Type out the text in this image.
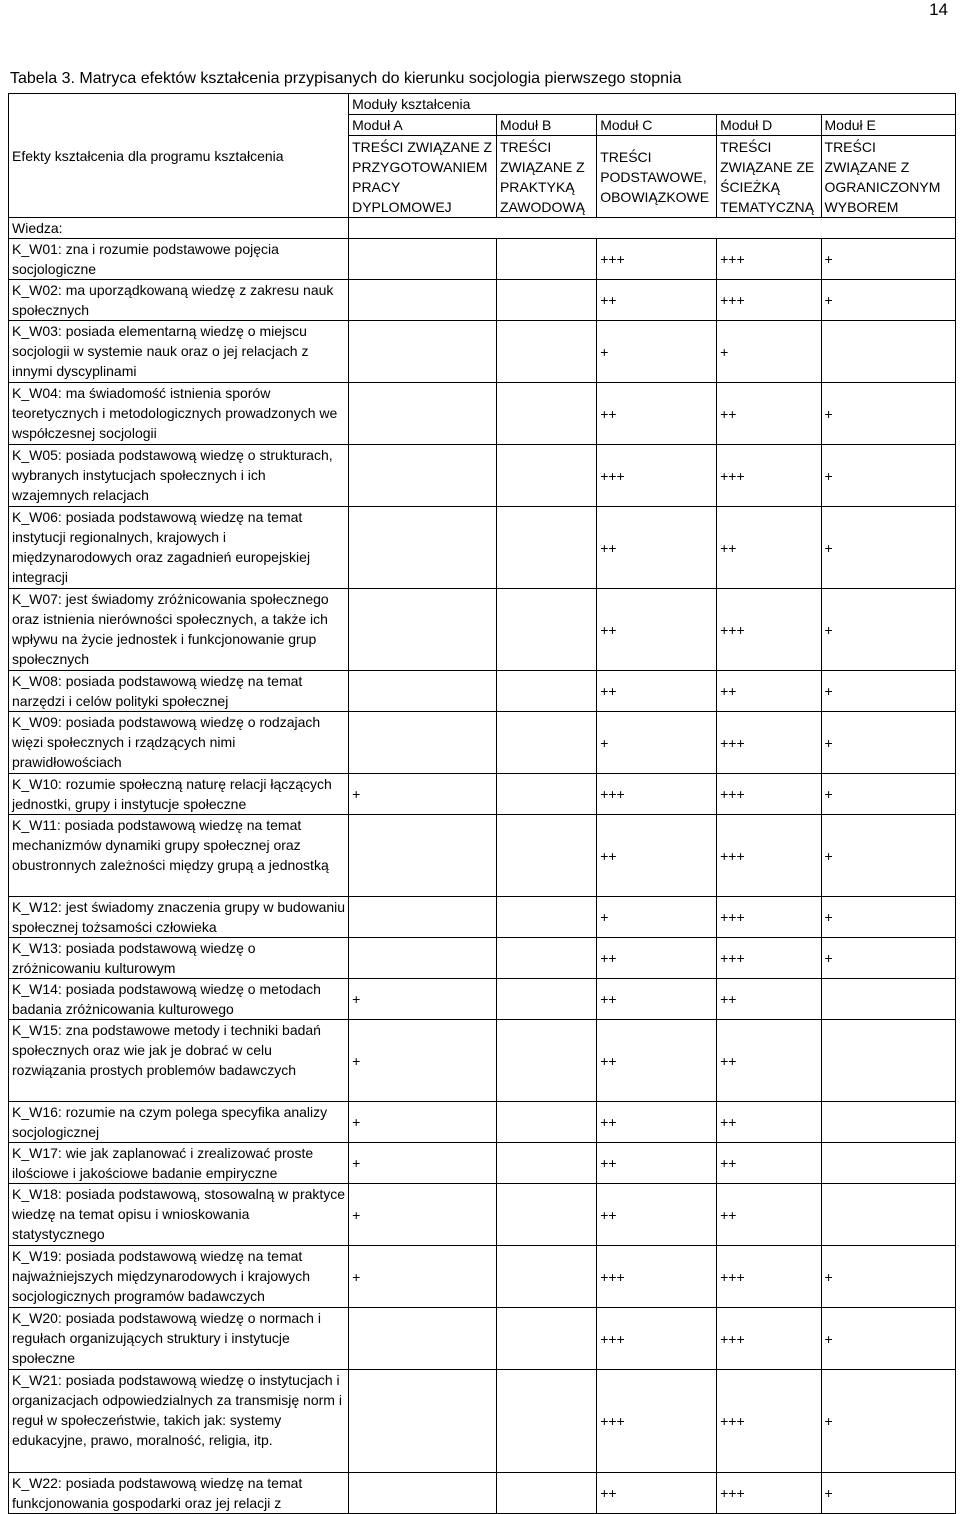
14
Tabela 3. Matryca efektów kształcenia przypisanych do kierunku socjologia pierwszego stopnia
Efekty kształcenia dla programu kształcenia	Moduły kształcenia				
	Moduł A	Moduł B	Moduł C	Moduł D	Moduł E
	TREŚCI ZWIĄZANE Z PRZYGOTOWANIEM PRACY DYPLOMOWEJ	TREŚCI ZWIĄZANE Z PRAKTYKĄ ZAWODOWĄ	TREŚCI PODSTAWOWE, OBOWIĄZKOWE	TREŚCI ZWIĄZANE ZE ŚCIEŻKĄ TEMATYCZNĄ	TREŚCI ZWIĄZANE Z OGRANICZONYM WYBOREM
Wiedza:					
K_W01: zna i rozumie podstawowe pojęcia socjologiczne			+++	+++	+
K_W02: ma uporządkowaną wiedzę z zakresu nauk społecznych			++	+++	+
K_W03: posiada elementarną wiedzę o miejscu socjologii w systemie nauk oraz o jej relacjach z innymi dyscyplinami			+	+	
K_W04: ma świadomość istnienia sporów teoretycznych i metodologicznych prowadzonych we współczesnej socjologii			++	++	+
K_W05: posiada podstawową wiedzę o strukturach, wybranych instytucjach społecznych i ich wzajemnych relacjach			+++	+++	+
K_W06: posiada podstawową wiedzę na temat instytucji regionalnych, krajowych i międzynarodowych oraz zagadnień europejskiej integracji			++	++	+
K_W07: jest świadomy zróżnicowania społecznego oraz istnienia nierówności społecznych, a także ich wpływu na życie jednostek i funkcjonowanie grup społecznych			++	+++	+
K_W08: posiada podstawową wiedzę na temat narzędzi i celów polityki społecznej			++	++	+
K_W09: posiada podstawową wiedzę o rodzajach więzi społecznych i rządzących nimi prawidłowościach			+	+++	+
K_W10: rozumie społeczną naturę relacji łączących jednostki, grupy i instytucje społeczne	+		+++	+++	+
K_W11: posiada podstawową wiedzę na temat mechanizmów dynamiki grupy społecznej oraz obustronnych zależności między grupą a jednostką			++	+++	+
K_W12: jest świadomy znaczenia grupy w budowaniu społecznej tożsamości człowieka			+	+++	+
K_W13: posiada podstawową wiedzę o zróżnicowaniu kulturowym			++	+++	+
K_W14: posiada podstawową wiedzę o metodach badania zróżnicowania kulturowego	+		++	++	
K_W15: zna podstawowe metody i techniki badań społecznych oraz wie jak je dobrać w celu rozwiązania prostych problemów badawczych	+		++	++	
K_W16: rozumie na czym polega specyfika analizy socjologicznej	+		++	++	
K_W17: wie jak zaplanować i zrealizować proste ilościowe i jakościowe badanie empiryczne	+		++	++	
K_W18: posiada podstawową, stosowalną w praktyce wiedzę na temat opisu i wnioskowania statystycznego	+		++	++	
K_W19: posiada podstawową wiedzę na temat najważniejszych międzynarodowych i krajowych socjologicznych programów badawczych	+		+++	+++	+
K_W20: posiada podstawową wiedzę o normach i regułach organizujących struktury i instytucje społeczne			+++	+++	+
K_W21: posiada podstawową wiedzę o instytucjach i organizacjach odpowiedzialnych za transmisję norm i reguł w społeczeństwie, takich jak: systemy edukacyjne, prawo, moralność, religia, itp.			+++	+++	+
K_W22: posiada podstawową wiedzę na temat funkcjonowania gospodarki oraz jej relacji z			++	+++	+
